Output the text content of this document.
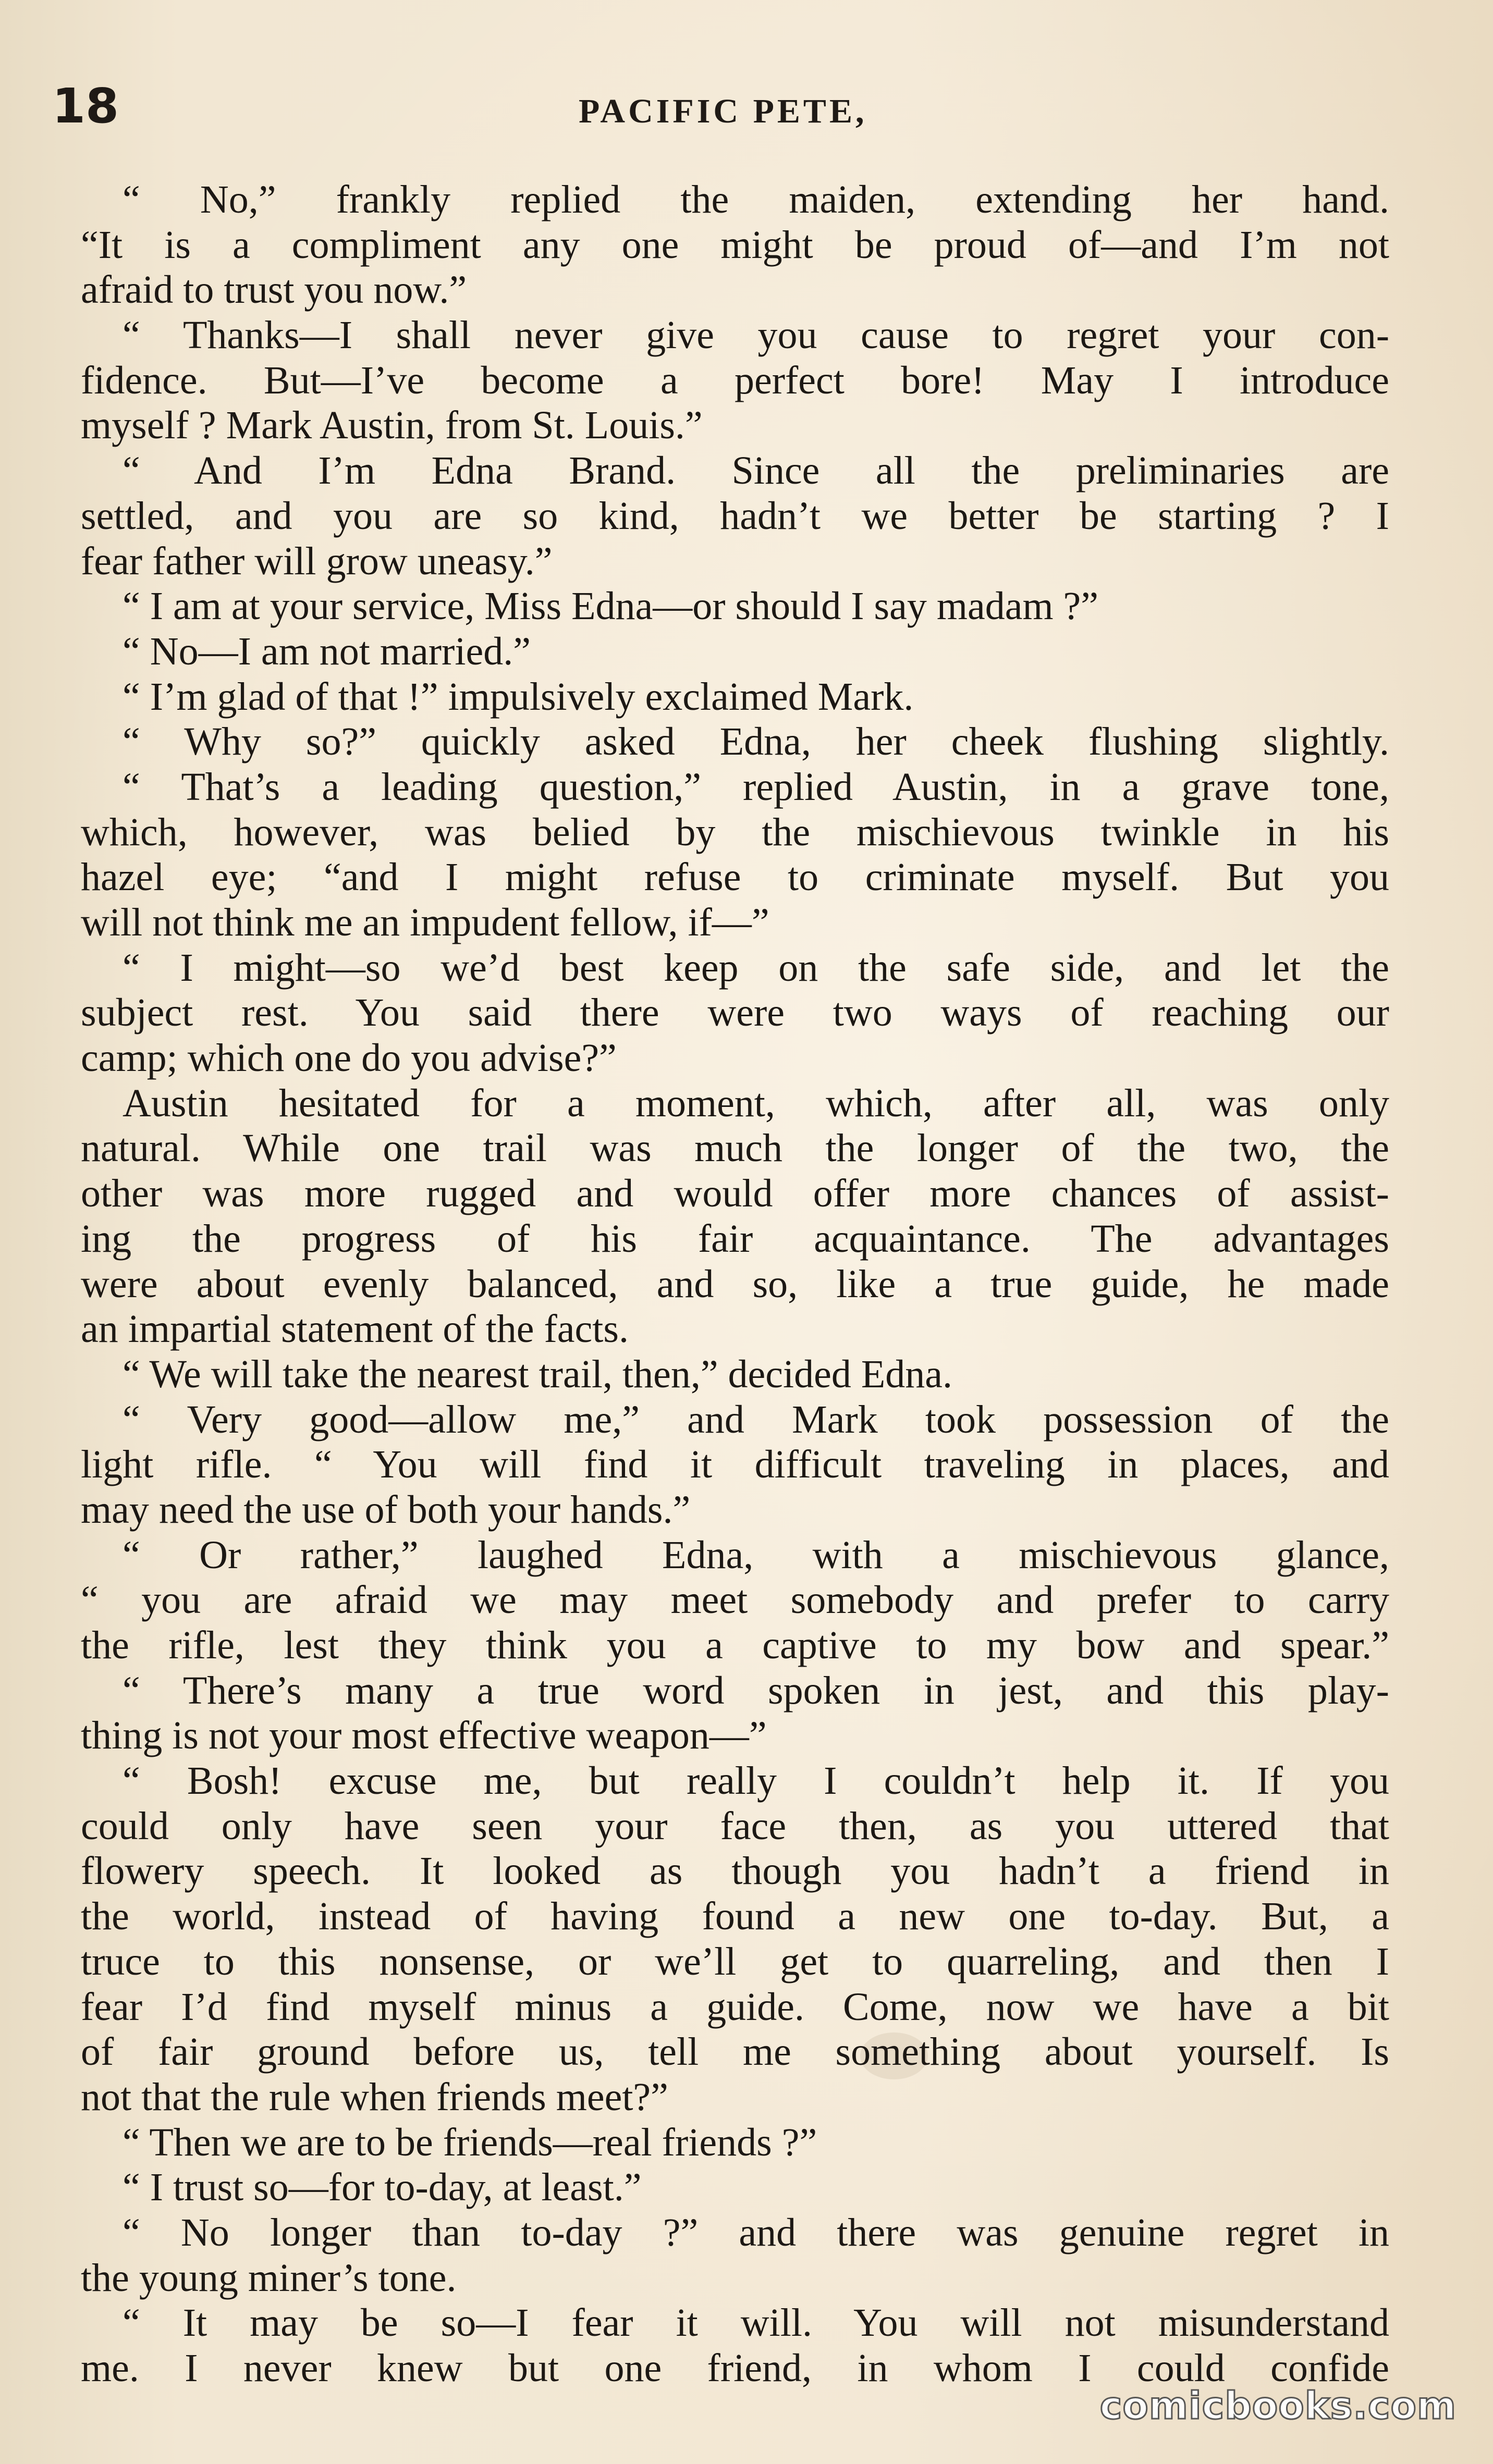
18	PACIFIC PETE,
“ No,” frankly replied the maiden, extending her hand.
“It is a compliment any one might be proud of—and I’m not
afraid to trust you now.”
“ Thanks—I shall never give you cause to regret your con-
fidence. But—I’ve become a perfect bore! May I introduce
myself ? Mark Austin, from St. Louis.”
“ And I’m Edna Brand. Since all the preliminaries are
settled, and you are so kind, hadn’t we better be starting ? I
fear father will grow uneasy.”
“ I am at your service, Miss Edna—or should I say madam ?”
“ No—I am not married.”
“ I’m glad of that !” impulsively exclaimed Mark.
“ Why so?” quickly asked Edna, her cheek flushing slightly.
“ That’s a leading question,” replied Austin, in a grave tone,
which, however, was belied by the mischievous twinkle in his
hazel eye; “and I might refuse to criminate myself. But you
will not think me an impudent fellow, if—”
“ I might—so we’d best keep on the safe side, and let the
subject rest. You said there were two ways of reaching our
camp; which one do you advise?”
Austin hesitated for a moment, which, after all, was only
natural. While one trail was much the longer of the two, the
other was more rugged and would offer more chances of assist-
ing the progress of his fair acquaintance. The advantages
were about evenly balanced, and so, like a true guide, he made
an impartial statement of the facts.
“ We will take the nearest trail, then,” decided Edna.
“ Very good—allow me,” and Mark took possession of the
light rifle. “ You will find it difficult traveling in places, and
may need the use of both your hands.”
“ Or rather,” laughed Edna, with a mischievous glance,
“ you are afraid we may meet somebody and prefer to carry
the rifle, lest they think you a captive to my bow and spear.”
“ There’s many a true word spoken in jest, and this play-
thing is not your most effective weapon—”
“ Bosh! excuse me, but really I couldn’t help it. If you
could only have seen your face then, as you uttered that
flowery speech. It looked as though you hadn’t a friend in
the world, instead of having found a new one to-day. But, a
truce to this nonsense, or we’ll get to quarreling, and then I
fear I’d find myself minus a guide. Come, now we have a bit
of fair ground before us, tell me something about yourself. Is
not that the rule when friends meet?”
“ Then we are to be friends—real friends ?”
“ I trust so—for to-day, at least.”
“ No longer than to-day ?” and there was genuine regret in
the young miner’s tone.
“ It may be so—I fear it will. You will not misunderstand
me. I never knew but one friend, in whom I could confide
comicbooks.com
